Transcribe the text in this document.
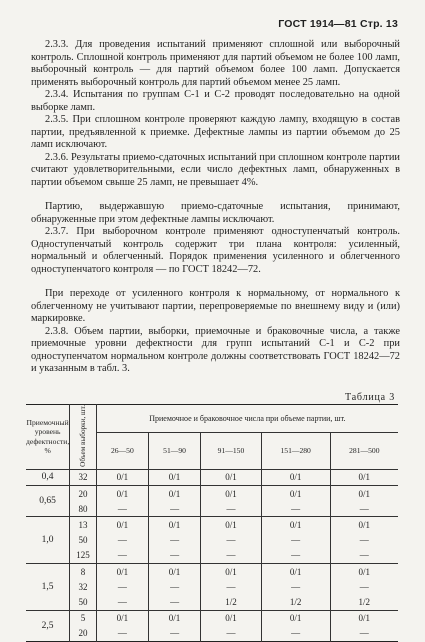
ГОСТ 1914—81 Стр. 13

2.3.3. Для проведения испытаний применяют сплошной или выборочный контроль. Сплошной контроль применяют для партий объемом не более 100 ламп, выборочный контроль — для партий объемом более 100 ламп. Допускается применять выборочный контроль для партий объемом менее 25 ламп.

2.3.4. Испытания по группам С-1 и С-2 проводят последовательно на одной выборке ламп.

2.3.5. При сплошном контроле проверяют каждую лампу, входящую в состав партии, предъявленной к приемке. Дефектные лампы из партии объемом до 25 ламп исключают.

2.3.6. Результаты приемо-сдаточных испытаний при сплошном контроле партии считают удовлетворительными, если число дефектных ламп, обнаруженных в партии объемом свыше 25 ламп, не превышает 4%.

Партию, выдержавшую приемо-сдаточные испытания, принимают, обнаруженные при этом дефектные лампы исключают.

2.3.7. При выборочном контроле применяют одноступенчатый контроль. Одноступенчатый контроль содержит три плана контроля: усиленный, нормальный и облегченный. Порядок применения усиленного и облегченного одноступенчатого контроля — по ГОСТ 18242—72.

При переходе от усиленного контроля к нормальному, от нормального к облегченному не учитывают партии, перепроверяемые по внешнему виду и (или) маркировке.

2.3.8. Объем партии, выборки, приемочные и браковочные числа, а также приемочные уровни дефектности для групп испытаний С-1 и С-2 при одноступенчатом нормальном контроле должны соответствовать ГОСТ 18242—72 и указанным в табл. 3.

Таблица 3
Приемочный уровень дефектности, %	Объем выборки, шт.	Приемочное и браковочное числа при объеме партии, шт.				
		26—50	51—90	91—150	151—280	281—500
0,4	32	0/1	0/1	0/1	0/1	0/1
0,65	20	0/1	0/1	0/1	0/1	0/1
	80	—	—	—	—	—
1,0	13	0/1	0/1	0/1	0/1	0/1
	50	—	—	—	—	—
	125	—	—	—	—	—
1,5	8	0/1	0/1	0/1	0/1	0/1
	32	—	—	—	—	—
	50	—	—	1/2	1/2	1/2
2,5	5	0/1	0/1	0/1	0/1	0/1
	20	—	—	—	—	—
